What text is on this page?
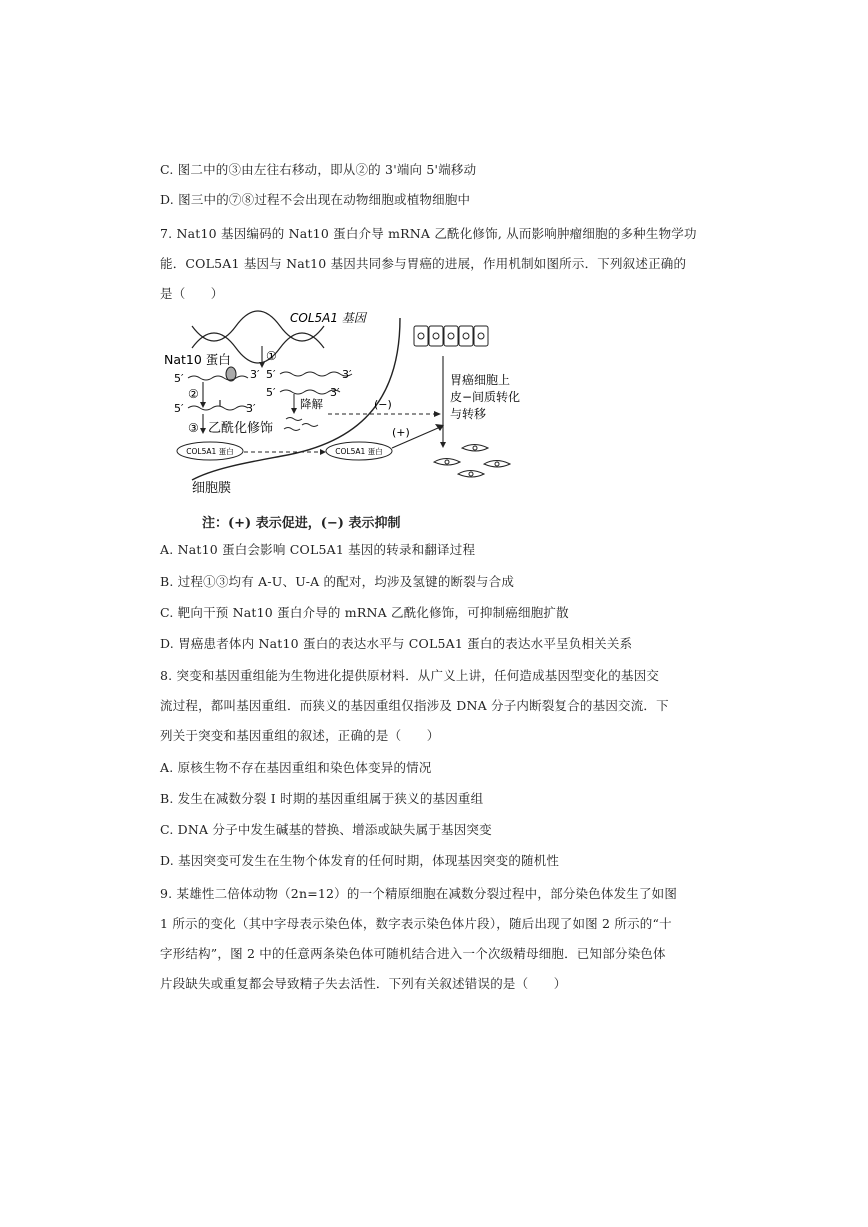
C. 图二中的③由左往右移动，即从②的 3'端向 5'端移动
D. 图三中的⑦⑧过程不会出现在动物细胞或植物细胞中
7. Nat10 基因编码的 Nat10 蛋白介导 mRNA 乙酰化修饰, 从而影响肿瘤细胞的多种生物学功
能．COL5A1 基因与 Nat10 基因共同参与胃癌的进展，作用机制如图所示．下列叙述正确的
是（　　）
COL5A1 基因
细胞膜
①
Nat10 蛋白
5′	3′ 5′	3′
②	5′	3′
降解
5′	3′
③ 乙酰化修饰
COL5A1 蛋白	COL5A1 蛋白
(−)
(+)
胃癌细胞上
皮−间质转化
与转移
注：(+) 表示促进，(−) 表示抑制
A. Nat10 蛋白会影响 COL5A1 基因的转录和翻译过程
B. 过程①③均有 A-U、U-A 的配对，均涉及氢键的断裂与合成
C. 靶向干预 Nat10 蛋白介导的 mRNA 乙酰化修饰，可抑制癌细胞扩散
D. 胃癌患者体内 Nat10 蛋白的表达水平与 COL5A1 蛋白的表达水平呈负相关关系
8. 突变和基因重组能为生物进化提供原材料．从广义上讲，任何造成基因型变化的基因交
流过程，都叫基因重组．而狭义的基因重组仅指涉及 DNA 分子内断裂复合的基因交流．下
列关于突变和基因重组的叙述，正确的是（　　）
A. 原核生物不存在基因重组和染色体变异的情况
B. 发生在减数分裂 I 时期的基因重组属于狭义的基因重组
C. DNA 分子中发生碱基的替换、增添或缺失属于基因突变
D. 基因突变可发生在生物个体发育的任何时期，体现基因突变的随机性
9. 某雄性二倍体动物（2n=12）的一个精原细胞在减数分裂过程中，部分染色体发生了如图
1 所示的变化（其中字母表示染色体，数字表示染色体片段），随后出现了如图 2 所示的“十
字形结构”，图 2 中的任意两条染色体可随机结合进入一个次级精母细胞．已知部分染色体
片段缺失或重复都会导致精子失去活性．下列有关叙述错误的是（　　）
